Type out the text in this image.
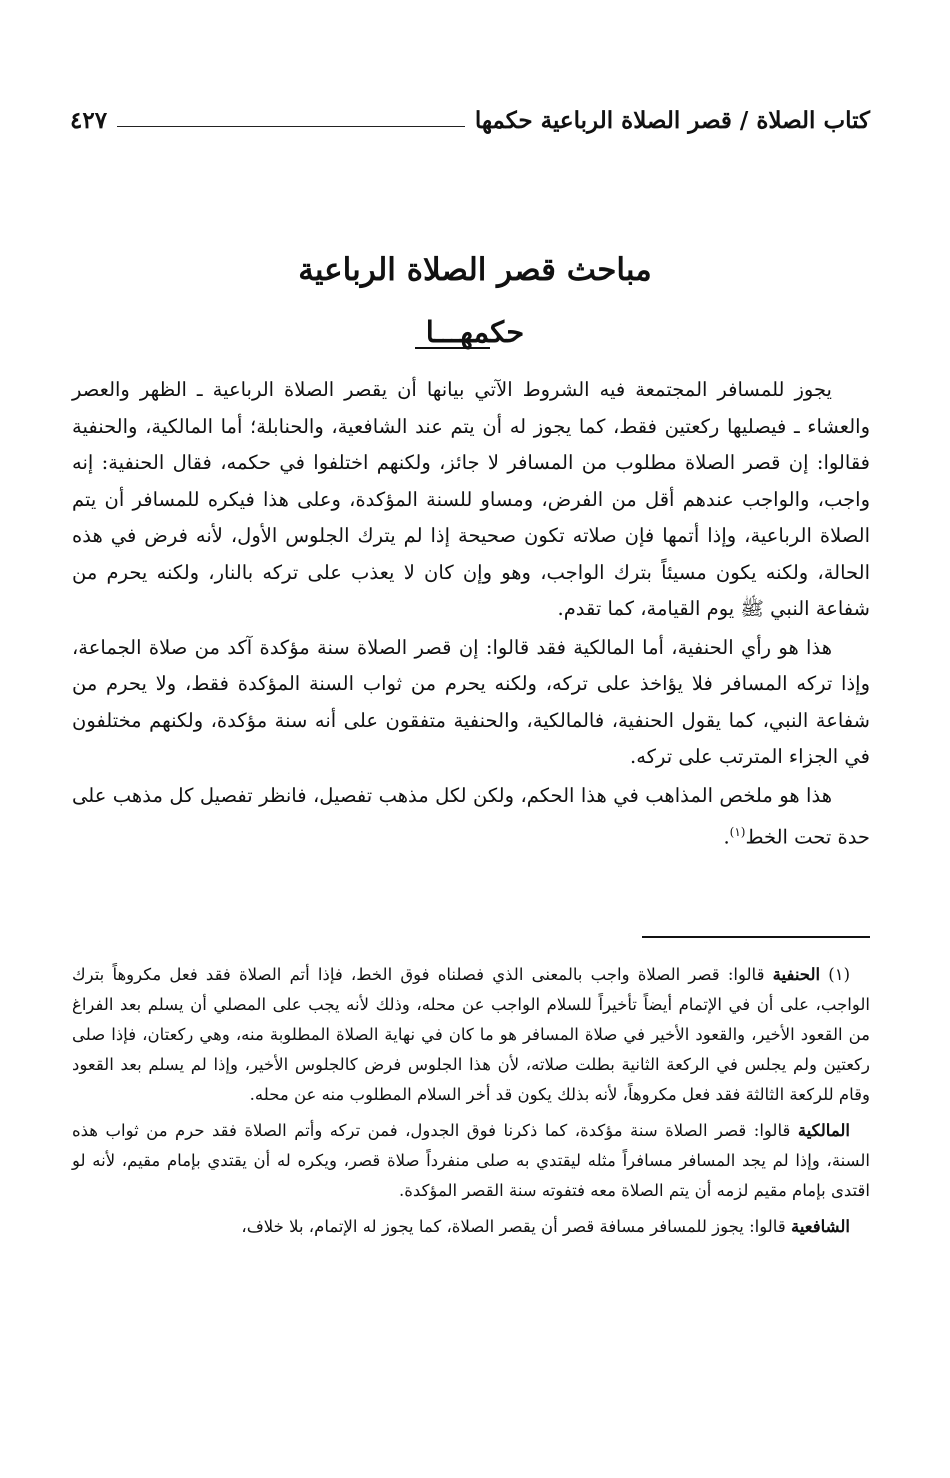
كتاب الصلاة / قصر الصلاة الرباعية حكمها
٤٢٧
مباحث قصر الصلاة الرباعية
حكمهـــا

يجوز للمسافر المجتمعة فيه الشروط الآتي بيانها أن يقصر الصلاة الرباعية ـ الظهر والعصر والعشاء ـ فيصليها ركعتين فقط، كما يجوز له أن يتم عند الشافعية، والحنابلة؛ أما المالكية، والحنفية فقالوا: إن قصر الصلاة مطلوب من المسافر لا جائز، ولكنهم اختلفوا في حكمه، فقال الحنفية: إنه واجب، والواجب عندهم أقل من الفرض، ومساو للسنة المؤكدة، وعلى هذا فيكره للمسافر أن يتم الصلاة الرباعية، وإذا أتمها فإن صلاته تكون صحيحة إذا لم يترك الجلوس الأول، لأنه فرض في هذه الحالة، ولكنه يكون مسيئاً بترك الواجب، وهو وإن كان لا يعذب على تركه بالنار، ولكنه يحرم من شفاعة النبي ﷺ يوم القيامة، كما تقدم.

هذا هو رأي الحنفية، أما المالكية فقد قالوا: إن قصر الصلاة سنة مؤكدة آكد من صلاة الجماعة، وإذا تركه المسافر فلا يؤاخذ على تركه، ولكنه يحرم من ثواب السنة المؤكدة فقط، ولا يحرم من شفاعة النبي، كما يقول الحنفية، فالمالكية، والحنفية متفقون على أنه سنة مؤكدة، ولكنهم مختلفون في الجزاء المترتب على تركه.

هذا هو ملخص المذاهب في هذا الحكم، ولكن لكل مذهب تفصيل، فانظر تفصيل كل مذهب على حدة تحت الخط$^{(١)}$.

(١) الحنفية قالوا: قصر الصلاة واجب بالمعنى الذي فصلناه فوق الخط، فإذا أتم الصلاة فقد فعل مكروهاً بترك الواجب، على أن في الإتمام أيضاً تأخيراً للسلام الواجب عن محله، وذلك لأنه يجب على المصلي أن يسلم بعد الفراغ من القعود الأخير، والقعود الأخير في صلاة المسافر هو ما كان في نهاية الصلاة المطلوبة منه، وهي ركعتان، فإذا صلى ركعتين ولم يجلس في الركعة الثانية بطلت صلاته، لأن هذا الجلوس فرض كالجلوس الأخير، وإذا لم يسلم بعد القعود وقام للركعة الثالثة فقد فعل مكروهاً، لأنه بذلك يكون قد أخر السلام المطلوب منه عن محله.

المالكية قالوا: قصر الصلاة سنة مؤكدة، كما ذكرنا فوق الجدول، فمن تركه وأتم الصلاة فقد حرم من ثواب هذه السنة، وإذا لم يجد المسافر مسافراً مثله ليقتدي به صلى منفرداً صلاة قصر، ويكره له أن يقتدي بإمام مقيم، لأنه لو اقتدى بإمام مقيم لزمه أن يتم الصلاة معه فتفوته سنة القصر المؤكدة.

الشافعية قالوا: يجوز للمسافر مسافة قصر أن يقصر الصلاة، كما يجوز له الإتمام، بلا خلاف،
